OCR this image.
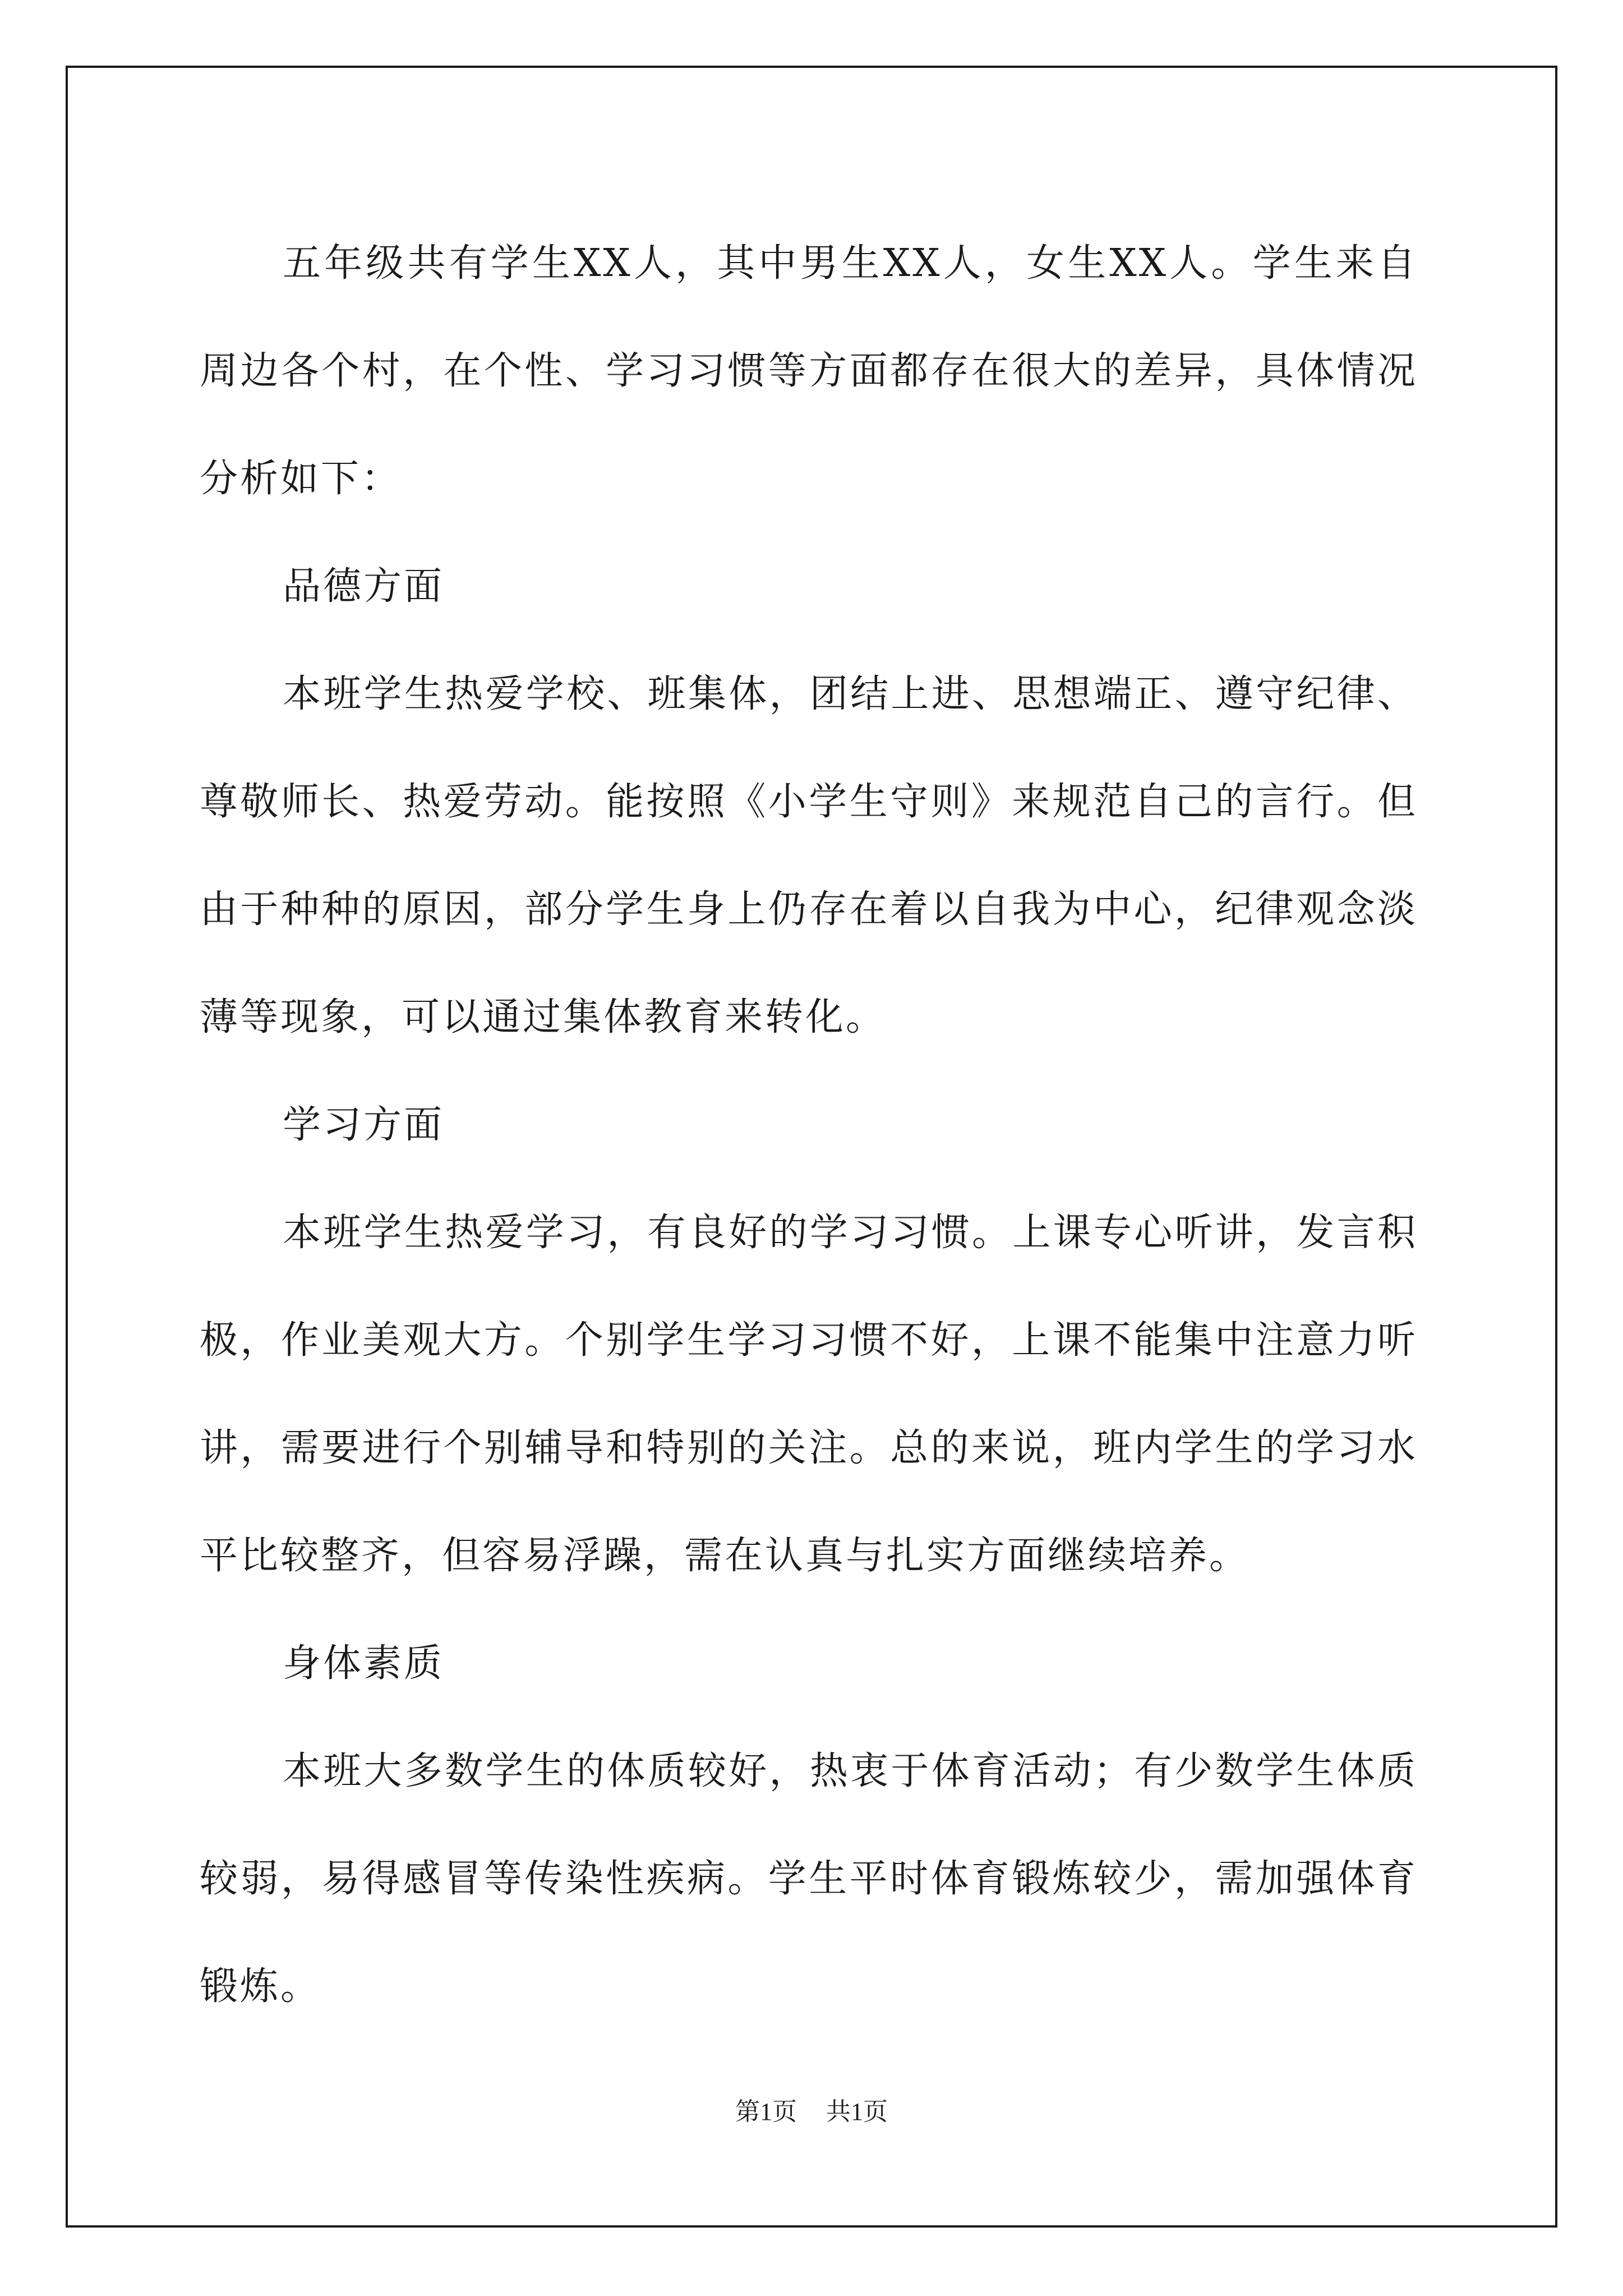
五年级共有学生XX人，其中男生XX人，女生XX人。学生来自周边各个村，在个性、学习习惯等方面都存在很大的差异，具体情况分析如下：

品德方面

本班学生热爱学校、班集体，团结上进、思想端正、遵守纪律、尊敬师长、热爱劳动。能按照《小学生守则》来规范自己的言行。但由于种种的原因，部分学生身上仍存在着以自我为中心，纪律观念淡薄等现象，可以通过集体教育来转化。

学习方面

本班学生热爱学习，有良好的学习习惯。上课专心听讲，发言积极，作业美观大方。个别学生学习习惯不好，上课不能集中注意力听讲，需要进行个别辅导和特别的关注。总的来说，班内学生的学习水平比较整齐，但容易浮躁，需在认真与扎实方面继续培养。

身体素质

本班大多数学生的体质较好，热衷于体育活动；有少数学生体质较弱，易得感冒等传染性疾病。学生平时体育锻炼较少，需加强体育锻炼。

第1页 共1页
